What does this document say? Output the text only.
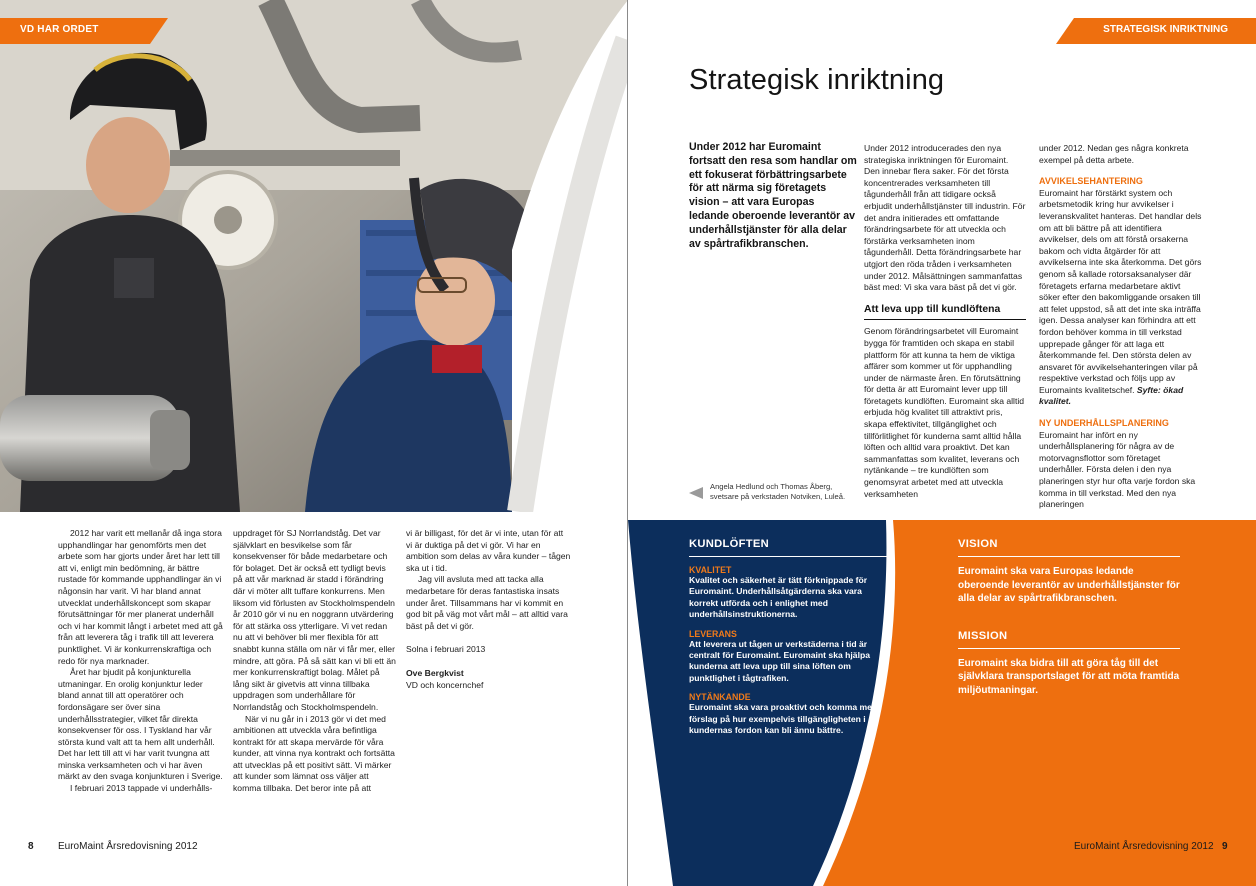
VD HAR ORDET

2012 har varit ett mellanår då inga stora upphandlingar har genomförts men det arbete som har gjorts under året har lett till att vi, enligt min bedömning, är bättre rustade för kommande upphandlingar än vi någonsin har varit. Vi har bland annat utvecklat underhållskoncept som skapar förutsättningar för mer planerat underhåll och vi har kommit långt i arbetet med att gå från att leverera tåg i trafik till att leverera punktlighet. Vi är konkurrenskraftiga och redo för nya marknader.

Året har bjudit på konjunkturella utmaningar. En orolig konjunktur leder bland annat till att operatörer och fordonsägare ser över sina underhållsstrategier, vilket får direkta konsekvenser för oss. I Tyskland har vår största kund valt att ta hem allt underhåll. Det har lett till att vi har varit tvungna att minska verksamheten och vi har även märkt av den svaga konjunkturen i Sverige.

I februari 2013 tappade vi underhålls-

uppdraget för SJ Norrlandståg. Det var självklart en besvikelse som får konsekvenser för både medarbetare och för bolaget. Det är också ett tydligt bevis på att vår marknad är stadd i förändring där vi möter allt tuffare konkurrens. Men liksom vid förlusten av Stockholmspendeln år 2010 gör vi nu en noggrann utvärdering för att stärka oss ytterligare. Vi vet redan nu att vi behöver bli mer flexibla för att snabbt kunna ställa om när vi får mer, eller mindre, att göra. På så sätt kan vi bli ett än mer konkurrenskraftigt bolag. Målet på lång sikt är givetvis att vinna tillbaka uppdragen som underhållare för Norrlandståg och Stockholmspendeln.

När vi nu går in i 2013 gör vi det med ambitionen att utveckla våra befintliga kontrakt för att skapa mervärde för våra kunder, att vinna nya kontrakt och fortsätta att utvecklas på ett positivt sätt. Vi märker att kunder som lämnat oss väljer att komma tillbaka. Det beror inte på att

vi är billigast, för det är vi inte, utan för att vi är duktiga på det vi gör. Vi har en ambition som delas av våra kunder – tågen ska ut i tid.

Jag vill avsluta med att tacka alla medarbetare för deras fantastiska insats under året. Tillsammans har vi kommit en god bit på väg mot vårt mål – att alltid vara bäst på det vi gör.

Solna i februari 2013

Ove Bergkvist

VD och koncernchef

8 EuroMaint Årsredovisning 2012
STRATEGISK INRIKTNING
Strategisk inriktning
Under 2012 har Euromaint fortsatt den resa som handlar om ett fokuserat förbättringsarbete för att närma sig företagets vision – att vara Europas ledande oberoende leverantör av underhållstjänster för alla delar av spårtrafikbranschen.

Under 2012 introducerades den nya strategiska inriktningen för Euromaint. Den innebar flera saker. För det första koncentrerades verksamheten till tågunderhåll från att tidigare också erbjudit underhållstjänster till industrin. För det andra initierades ett omfattande förändringsarbete för att utveckla och förstärka verksamheten inom tågunderhåll. Detta förändringsarbete har utgjort den röda tråden i verksamheten under 2012. Målsättningen sammanfattas bäst med: Vi ska vara bäst på det vi gör.

Att leva upp till kundlöftena

Genom förändringsarbetet vill Euromaint bygga för framtiden och skapa en stabil plattform för att kunna ta hem de viktiga affärer som kommer ut för upphandling under de närmaste åren. En förutsättning för detta är att Euromaint lever upp till företagets kundlöften. Euromaint ska alltid erbjuda hög kvalitet till attraktivt pris, skapa effektivitet, tillgänglighet och tillförlitlighet för kunderna samt alltid hålla löften och alltid vara proaktivt. Det kan sammanfattas som kvalitet, leverans och nytänkande – tre kundlöften som genomsyrat arbetet med att utveckla verksamheten

under 2012. Nedan ges några konkreta exempel på detta arbete.

AVVIKELSEHANTERING

Euromaint har förstärkt system och arbetsmetodik kring hur avvikelser i leveranskvalitet hanteras. Det handlar dels om att bli bättre på att identifiera avvikelser, dels om att förstå orsakerna bakom och vidta åtgärder för att avvikelserna inte ska återkomma. Det görs genom så kallade rotorsaksanalyser där företagets erfarna medarbetare aktivt söker efter den bakomliggande orsaken till att felet uppstod, så att det inte ska inträffa igen. Dessa analyser kan förhindra att ett fordon behöver komma in till verkstad upprepade gånger för att laga ett återkommande fel. Den största delen av ansvaret för avvikelsehanteringen vilar på respektive verkstad och följs upp av Euromaints kvalitetschef. Syfte: ökad kvalitet.

NY UNDERHÅLLSPLANERING

Euromaint har infört en ny underhållsplanering för några av de motorvagnsflottor som företaget underhåller. Första delen i den nya planeringen styr hur ofta varje fordon ska komma in till verkstad. Med den nya planeringen

Angela Hedlund och Thomas Åberg, svetsare på verkstaden Notviken, Luleå.
KUNDLÖFTEN
KVALITET

Kvalitet och säkerhet är tätt förknippade för Euromaint. Underhållsåtgärderna ska vara korrekt utförda och i enlighet med underhållsinstruktionerna.

LEVERANS

Att leverera ut tågen ur verkstäderna i tid är centralt för Euromaint. Euromaint ska hjälpa kunderna att leva upp till sina löften om punktlighet i tågtrafiken.

NYTÄNKANDE

Euromaint ska vara proaktivt och komma med förslag på hur exempelvis tillgängligheten i kundernas fordon kan bli ännu bättre.

VISION

Euromaint ska vara Europas ledande oberoende leverantör av underhållstjänster för alla delar av spårtrafikbranschen.

MISSION

Euromaint ska bidra till att göra tåg till det självklara transportslaget för att möta framtida miljöutmaningar.

EuroMaint Årsredovisning 2012 9
